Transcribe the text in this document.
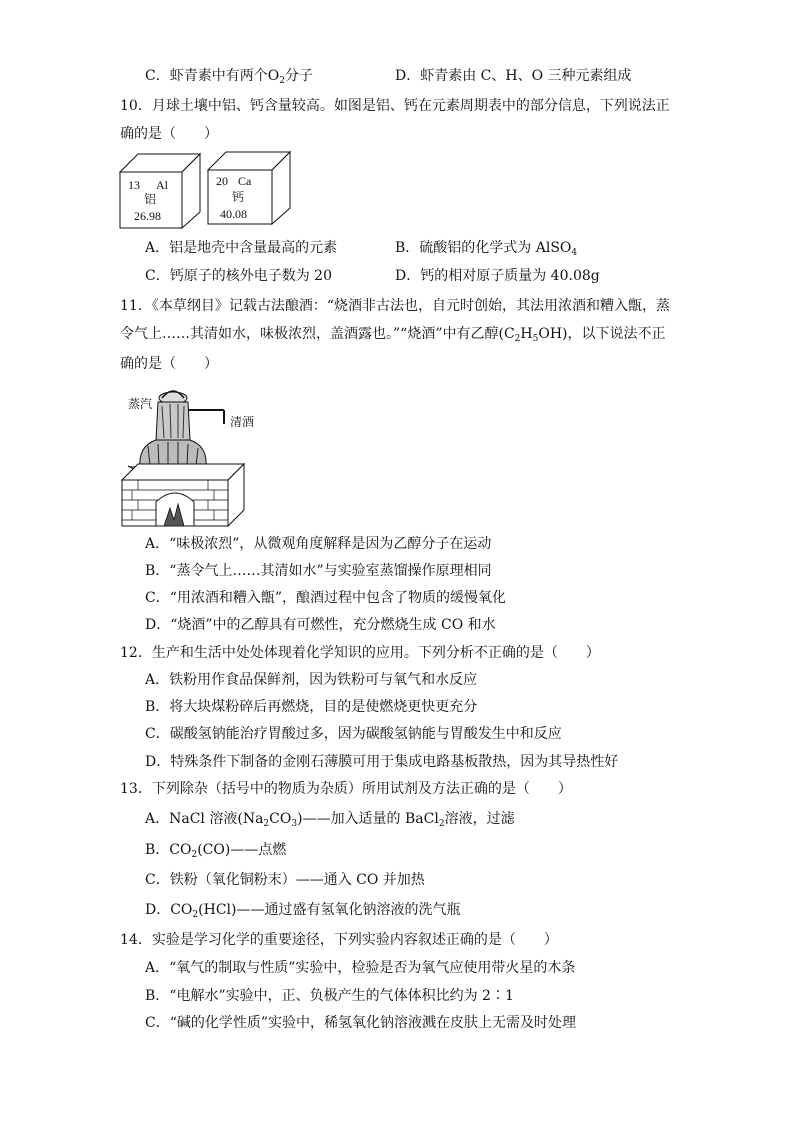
C．虾青素中有两个$O_2$分子	D．虾青素由 C、H、O 三种元素组成
10．月球土壤中铝、钙含量较高。如图是铝、钙在元素周期表中的部分信息，下列说法正
确的是（　　）
13 Al
铝
26.98
20 Ca
钙
40.08
A．铝是地壳中含量最高的元素	B．硫酸铝的化学式为 AlSO$_4$
C．钙原子的核外电子数为 20	D．钙的相对原子质量为 40.08g
11．《本草纲目》记载古法酿酒：“烧酒非古法也，自元时创始，其法用浓酒和糟入甑，蒸
令气上……其清如水，味极浓烈，盖酒露也。”“烧酒”中有乙醇$(C_2H_5OH)$，以下说法不正
确的是（　　）
蒸汽
清酒
A．“味极浓烈”，从微观角度解释是因为乙醇分子在运动
B．“蒸令气上……其清如水”与实验室蒸馏操作原理相同
C．“用浓酒和糟入甑”，酿酒过程中包含了物质的缓慢氧化
D．“烧酒”中的乙醇具有可燃性，充分燃烧生成 CO 和水
12．生产和生活中处处体现着化学知识的应用。下列分析不正确的是（　　）
A．铁粉用作食品保鲜剂，因为铁粉可与氧气和水反应
B．将大块煤粉碎后再燃烧，目的是使燃烧更快更充分
C．碳酸氢钠能治疗胃酸过多，因为碳酸氢钠能与胃酸发生中和反应
D．特殊条件下制备的金刚石薄膜可用于集成电路基板散热，因为其导热性好
13．下列除杂（括号中的物质为杂质）所用试剂及方法正确的是（　　）
A．NaCl 溶液$(Na_2CO_3)——$加入适量的 BaCl$_2$溶液，过滤
B．$CO_2(CO)——$点燃
C．铁粉（氧化铜粉末）——通入 CO 并加热
D．$CO_2(HCl)——$通过盛有氢氧化钠溶液的洗气瓶
14．实验是学习化学的重要途径，下列实验内容叙述正确的是（　　）
A．“氧气的制取与性质”实验中，检验是否为氧气应使用带火星的木条
B．“电解水”实验中，正、负极产生的气体体积比约为 2∶1
C．“碱的化学性质”实验中，稀氢氧化钠溶液溅在皮肤上无需及时处理
